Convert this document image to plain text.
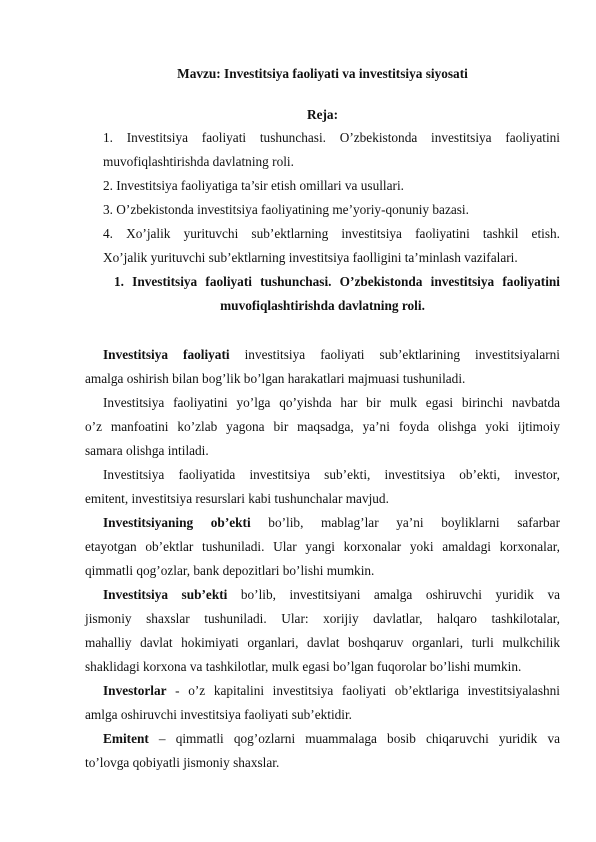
Mavzu: Investitsiya faoliyati va investitsiya siyosati
Reja:
1. Investitsiya faoliyati tushunchasi. O’zbekistonda investitsiya faoliyatini
muvofiqlashtirishda davlatning roli.
2. Investitsiya faoliyatiga ta’sir etish omillari va usullari.
3. O’zbekistonda investitsiya faoliyatining me’yoriy-qonuniy bazasi.
4. Xo’jalik yurituvchi sub’ektlarning investitsiya faoliyatini tashkil etish.
Xo’jalik yurituvchi sub’ektlarning investitsiya faolligini ta’minlash vazifalari.
1. Investitsiya faoliyati tushunchasi. O’zbekistonda investitsiya faoliyatini
muvofiqlashtirishda davlatning roli.
Investitsiya faoliyati investitsiya faoliyati sub’ektlarining investitsiyalarni
amalga oshirish bilan bog’lik bo’lgan harakatlari majmuasi tushuniladi.
Investitsiya faoliyatini yo’lga qo’yishda har bir mulk egasi birinchi navbatda
o’z manfoatini ko’zlab yagona bir maqsadga, ya’ni foyda olishga yoki ijtimoiy
samara olishga intiladi.
Investitsiya faoliyatida investitsiya sub’ekti, investitsiya ob’ekti, investor,
emitent, investitsiya resurslari kabi tushunchalar mavjud.
Investitsiyaning ob’ekti bo’lib, mablag’lar ya’ni boyliklarni safarbar
etayotgan ob’ektlar tushuniladi. Ular yangi korxonalar yoki amaldagi korxonalar,
qimmatli qog’ozlar, bank depozitlari bo’lishi mumkin.
Investitsiya sub’ekti bo’lib, investitsiyani amalga oshiruvchi yuridik va
jismoniy shaxslar tushuniladi. Ular: xorijiy davlatlar, halqaro tashkilotalar,
mahalliy davlat hokimiyati organlari, davlat boshqaruv organlari, turli mulkchilik
shaklidagi korxona va tashkilotlar, mulk egasi bo’lgan fuqorolar bo’lishi mumkin.
Investorlar - o’z kapitalini investitsiya faoliyati ob’ektlariga investitsiyalashni
amlga oshiruvchi investitsiya faoliyati sub’ektidir.
Emitent – qimmatli qog’ozlarni muammalaga bosib chiqaruvchi yuridik va
to’lovga qobiyatli jismoniy shaxslar.
